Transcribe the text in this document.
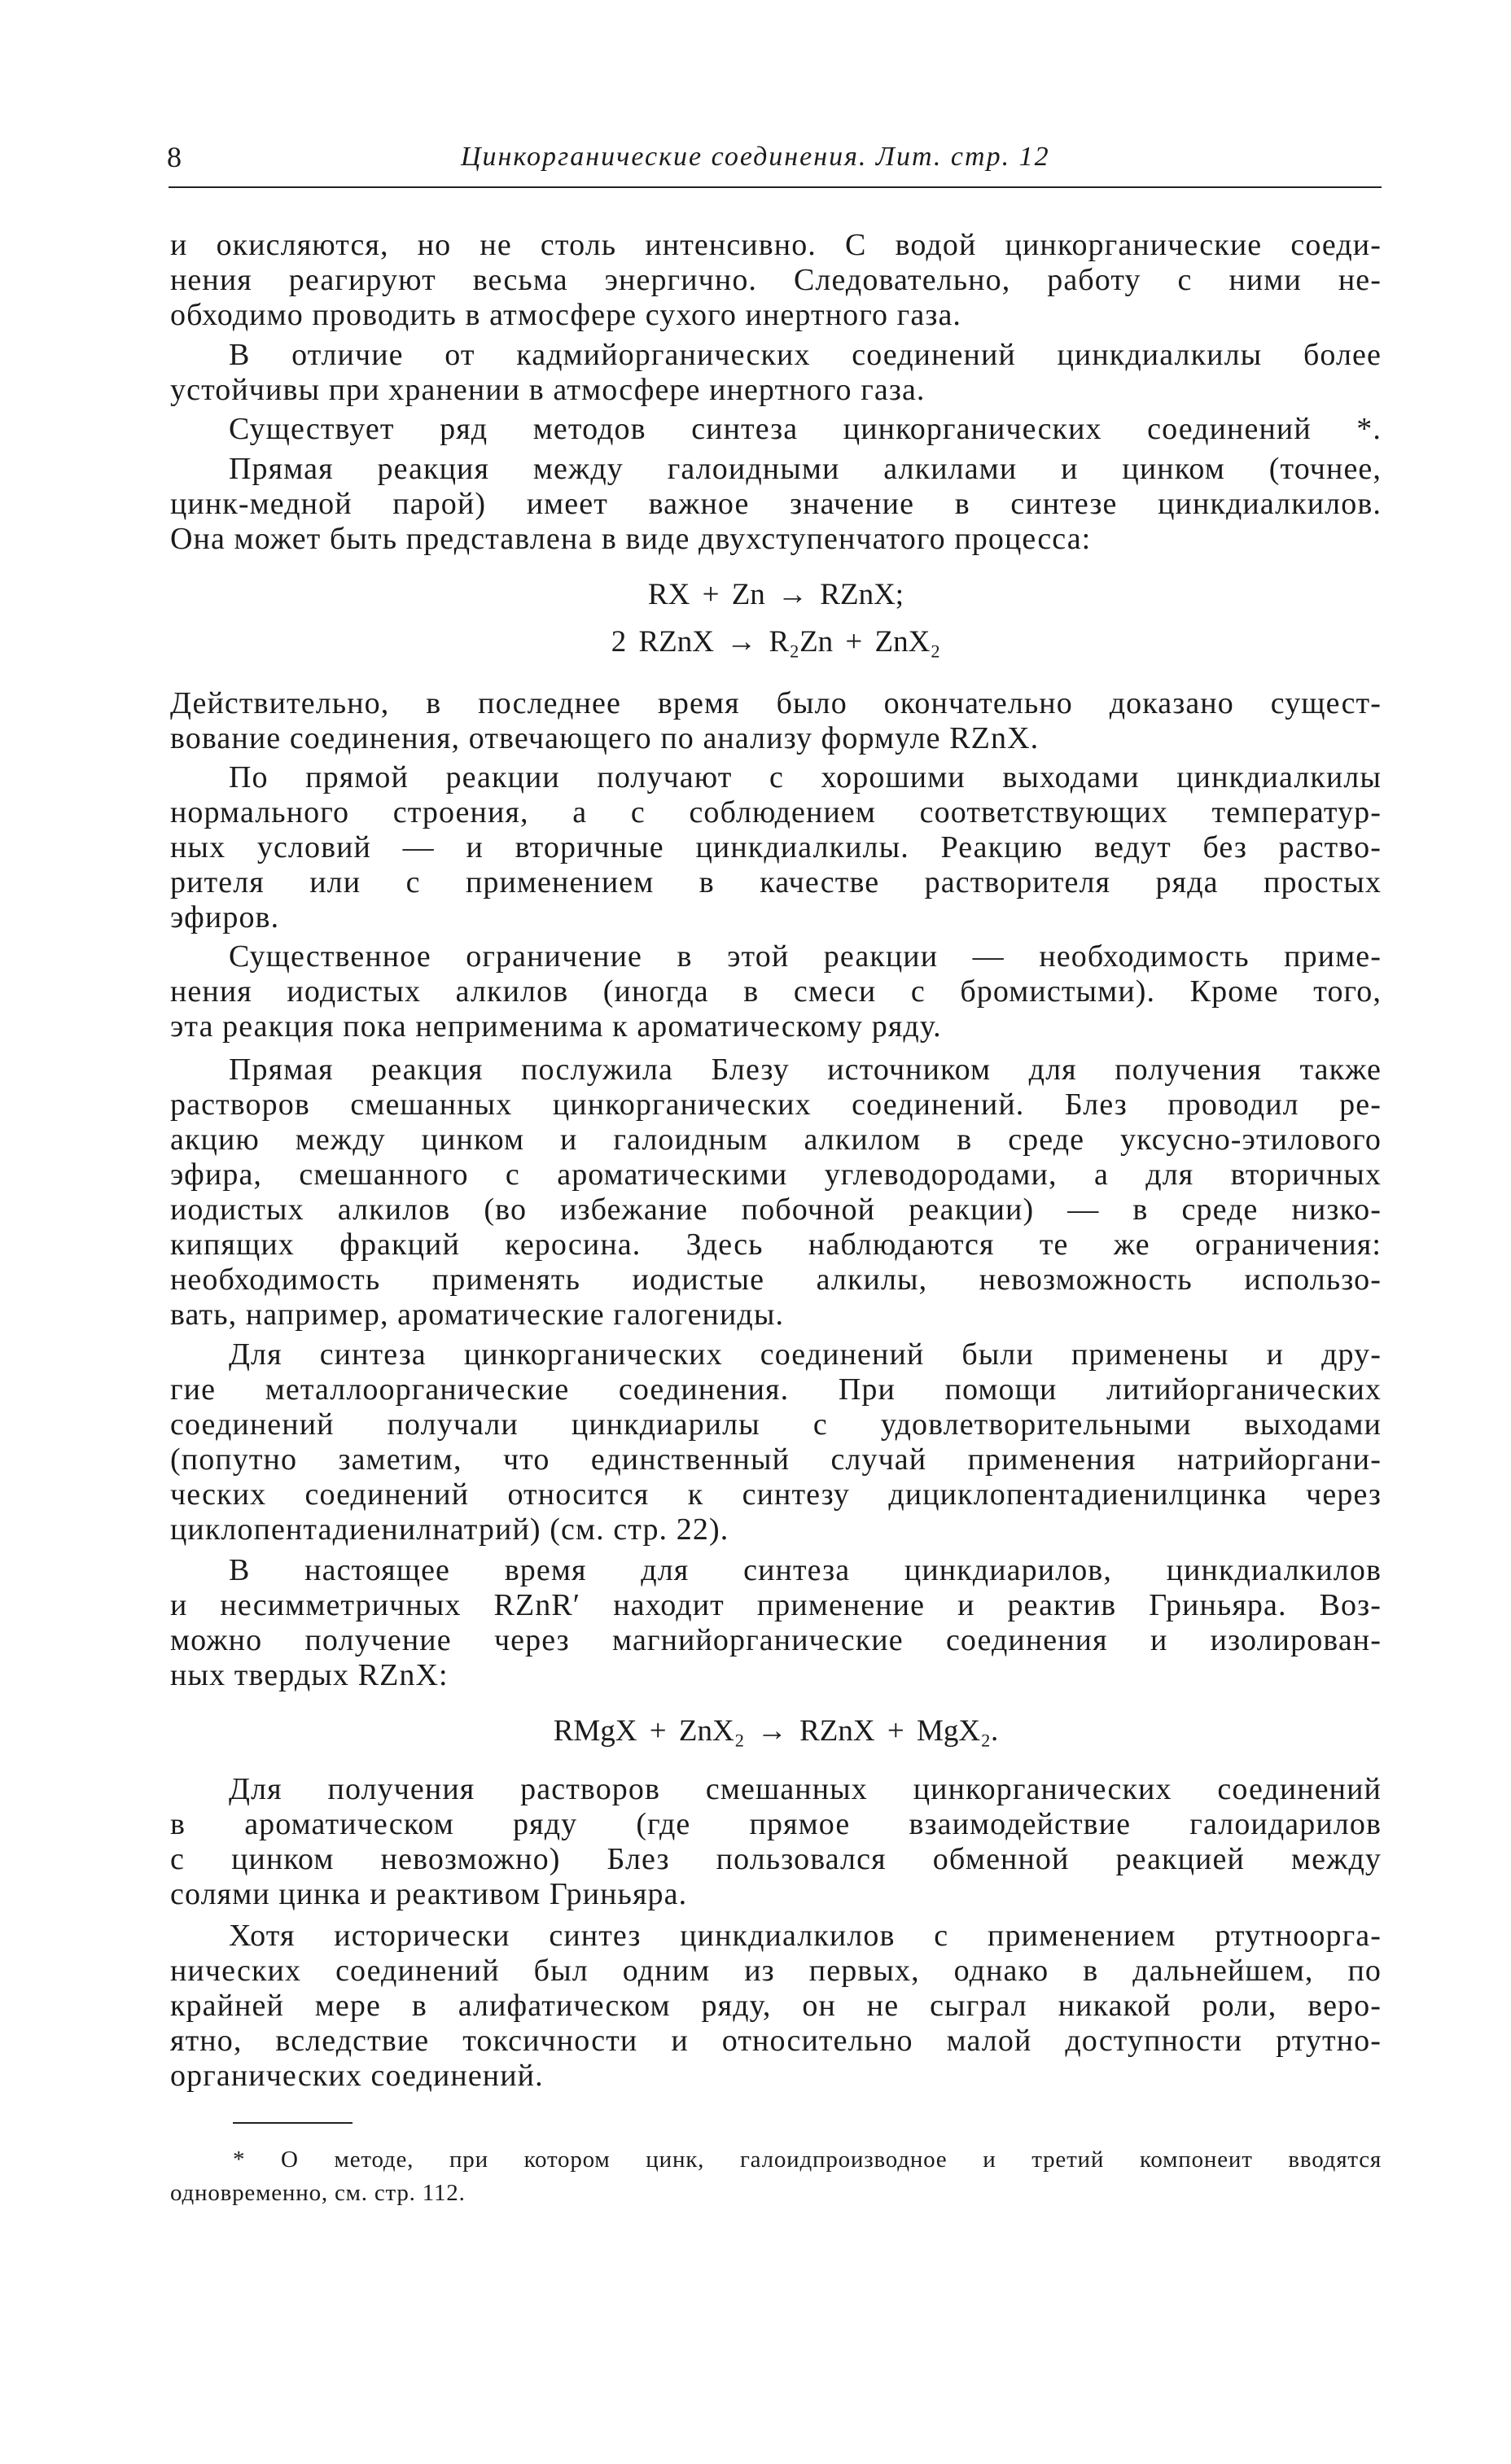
8	Цинкорганические соединения. Лит. стр. 12
и окисляются, но не столь интенсивно. С водой цинкорганические соеди-
нения реагируют весьма энергично. Следовательно, работу с ними не-
обходимо проводить в атмосфере сухого инертного газа.
В отличие от кадмийорганических соединений цинкдиалкилы более
устойчивы при хранении в атмосфере инертного газа.
Существует ряд методов синтеза цинкорганических соединений *.
Прямая реакция между галоидными алкилами и цинком (точнее,
цинк-медной парой) имеет важное значение в синтезе цинкдиалкилов.
Она может быть представлена в виде двухступенчатого процесса:
RX + Zn → RZnX;
2 RZnX → R₂Zn + ZnX₂
Действительно, в последнее время было окончательно доказано сущест-
вование соединения, отвечающего по анализу формуле RZnX.
По прямой реакции получают с хорошими выходами цинкдиалкилы
нормального строения, а с соблюдением соответствующих температур-
ных условий — и вторичные цинкдиалкилы. Реакцию ведут без раство-
рителя или с применением в качестве растворителя ряда простых
эфиров.
Существенное ограничение в этой реакции — необходимость приме-
нения иодистых алкилов (иногда в смеси с бромистыми). Кроме того,
эта реакция пока неприменима к ароматическому ряду.
Прямая реакция послужила Блезу источником для получения также
растворов смешанных цинкорганических соединений. Блез проводил ре-
акцию между цинком и галоидным алкилом в среде уксусно-этилового
эфира, смешанного с ароматическими углеводородами, а для вторичных
иодистых алкилов (во избежание побочной реакции) — в среде низко-
кипящих фракций керосина. Здесь наблюдаются те же ограничения:
необходимость применять иодистые алкилы, невозможность использо-
вать, например, ароматические галогениды.
Для синтеза цинкорганических соединений были применены и дру-
гие металлоорганические соединения. При помощи литийорганических
соединений получали цинкдиарилы с удовлетворительными выходами
(попутно заметим, что единственный случай применения натрийоргани-
ческих соединений относится к синтезу дициклопентадиенилцинка через
циклопентадиенилнатрий) (см. стр. 22).
В настоящее время для синтеза цинкдиарилов, цинкдиалкилов
и несимметричных RZnR′ находит применение и реактив Гриньяра. Воз-
можно получение через магнийорганические соединения и изолирован-
ных твердых RZnX:
RMgX + ZnX₂ → RZnX + MgX₂.
Для получения растворов смешанных цинкорганических соединений
в ароматическом ряду (где прямое взаимодействие галоидарилов
с цинком невозможно) Блез пользовался обменной реакцией между
солями цинка и реактивом Гриньяра.
Хотя исторически синтез цинкдиалкилов с применением ртутноорга-
нических соединений был одним из первых, однако в дальнейшем, по
крайней мере в алифатическом ряду, он не сыграл никакой роли, веро-
ятно, вследствие токсичности и относительно малой доступности ртутно-
органических соединений.
* О методе, при котором цинк, галоидпроизводное и третий компонеит вводятся
одновременно, см. стр. 112.
